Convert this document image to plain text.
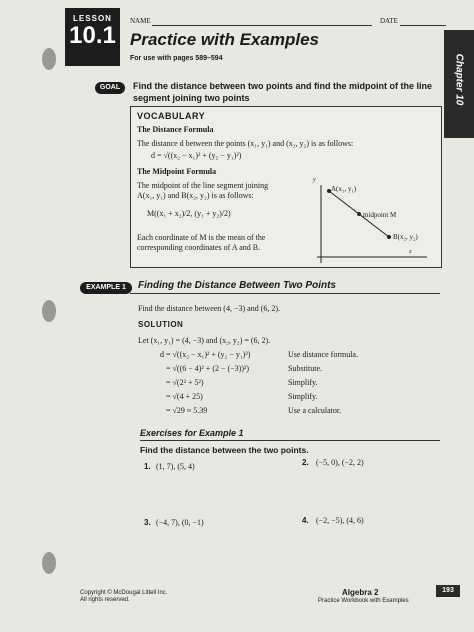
LESSON
10.1
NAME	DATE
Practice with Examples
For use with pages 589–594	Chapter 10
GOAL	Find the distance between two points and find the midpoint of the line segment joining two points
VOCABULARY
The Distance Formula
The distance d between the points (x₁, y₁) and (x₂, y₂) is as follows:
d = √((x₂ − x₁)² + (y₂ − y₁)²)
The Midpoint Formula
The midpoint of the line segment joining
A(x₁, y₁) and B(x₂, y₂) is as follows:
M((x₁ + x₂)/2, (y₁ + y₂)/2)
Each coordinate of M is the mean of the
corresponding coordinates of A and B.
y
x
A(x₁, y₁)
midpoint M
B(x₂, y₂)
EXAMPLE 1	Finding the Distance Between Two Points
Find the distance between (4, −3) and (6, 2).
SOLUTION
Let (x₁, y₁) = (4, −3) and (x₂, y₂) = (6, 2).
d = √((x₂ − x₁)² + (y₂ − y₁)²)	Use distance formula.
= √((6 − 4)² + (2 − (−3))²)	Substitute.
= √(2² + 5²)	Simplify.
= √(4 + 25)	Simplify.
= √29 ≈ 5.39	Use a calculator.
Exercises for Example 1
Find the distance between the two points.
1. (1, 7), (5, 4)	2. (−5, 0), (−2, 2)
3. (−4, 7), (0, −1)	4. (−2, −5), (4, 6)
Copyright © McDougal Littell Inc.
All rights reserved.
Algebra 2
Practice Workbook with Examples
193
